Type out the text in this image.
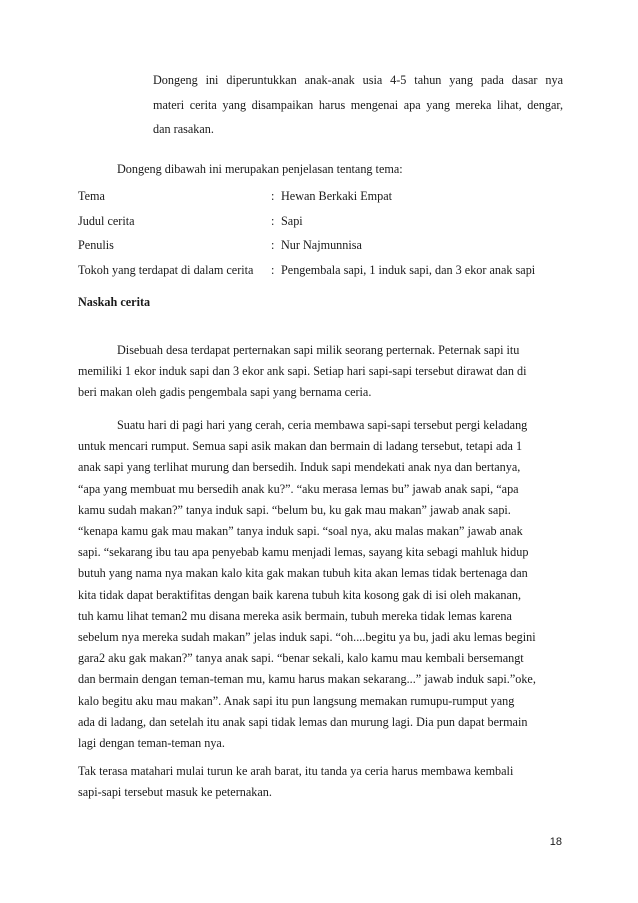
Dongeng ini diperuntukkan anak-anak usia 4-5 tahun yang pada dasar nya
materi cerita yang disampaikan harus mengenai apa yang mereka lihat, dengar,
dan rasakan.
Dongeng dibawah ini merupakan penjelasan tentang tema:
Tema	: Hewan Berkaki Empat
Judul cerita	: Sapi
Penulis	: Nur Najmunnisa
Tokoh yang terdapat di dalam cerita	: Pengembala sapi, 1 induk sapi, dan 3 ekor anak sapi
Naskah cerita
Disebuah desa terdapat perternakan sapi milik seorang perternak. Peternak sapi itu
memiliki 1 ekor induk sapi dan 3 ekor ank sapi. Setiap hari sapi-sapi tersebut dirawat dan di
beri makan oleh gadis pengembala sapi yang bernama ceria.
Suatu hari di pagi hari yang cerah, ceria membawa sapi-sapi tersebut pergi keladang
untuk mencari rumput. Semua sapi asik makan dan bermain di ladang tersebut, tetapi ada 1
anak sapi yang terlihat murung dan bersedih. Induk sapi mendekati anak nya dan bertanya,
“apa yang membuat mu bersedih anak ku?”. “aku merasa lemas bu” jawab anak sapi, “apa
kamu sudah makan?” tanya induk sapi. “belum bu, ku gak mau makan” jawab anak sapi.
“kenapa kamu gak mau makan” tanya induk sapi. “soal nya, aku malas makan” jawab anak
sapi. “sekarang ibu tau apa penyebab kamu menjadi lemas, sayang kita sebagi mahluk hidup
butuh yang nama nya makan kalo kita gak makan tubuh kita akan lemas tidak bertenaga dan
kita tidak dapat beraktifitas dengan baik karena tubuh kita kosong gak di isi oleh makanan,
tuh kamu lihat teman2 mu disana mereka asik bermain, tubuh mereka tidak lemas karena
sebelum nya mereka sudah makan” jelas induk sapi. “oh....begitu ya bu, jadi aku lemas begini
gara2 aku gak makan?” tanya anak sapi. “benar sekali, kalo kamu mau kembali bersemangt
dan bermain dengan teman-teman mu, kamu harus makan sekarang...” jawab induk sapi.”oke,
kalo begitu aku mau makan”. Anak sapi itu pun langsung memakan rumupu-rumput yang
ada di ladang, dan setelah itu anak sapi tidak lemas dan murung lagi. Dia pun dapat bermain
lagi dengan teman-teman nya.
Tak terasa matahari mulai turun ke arah barat, itu tanda ya ceria harus membawa kembali
sapi-sapi tersebut masuk ke peternakan.
18
